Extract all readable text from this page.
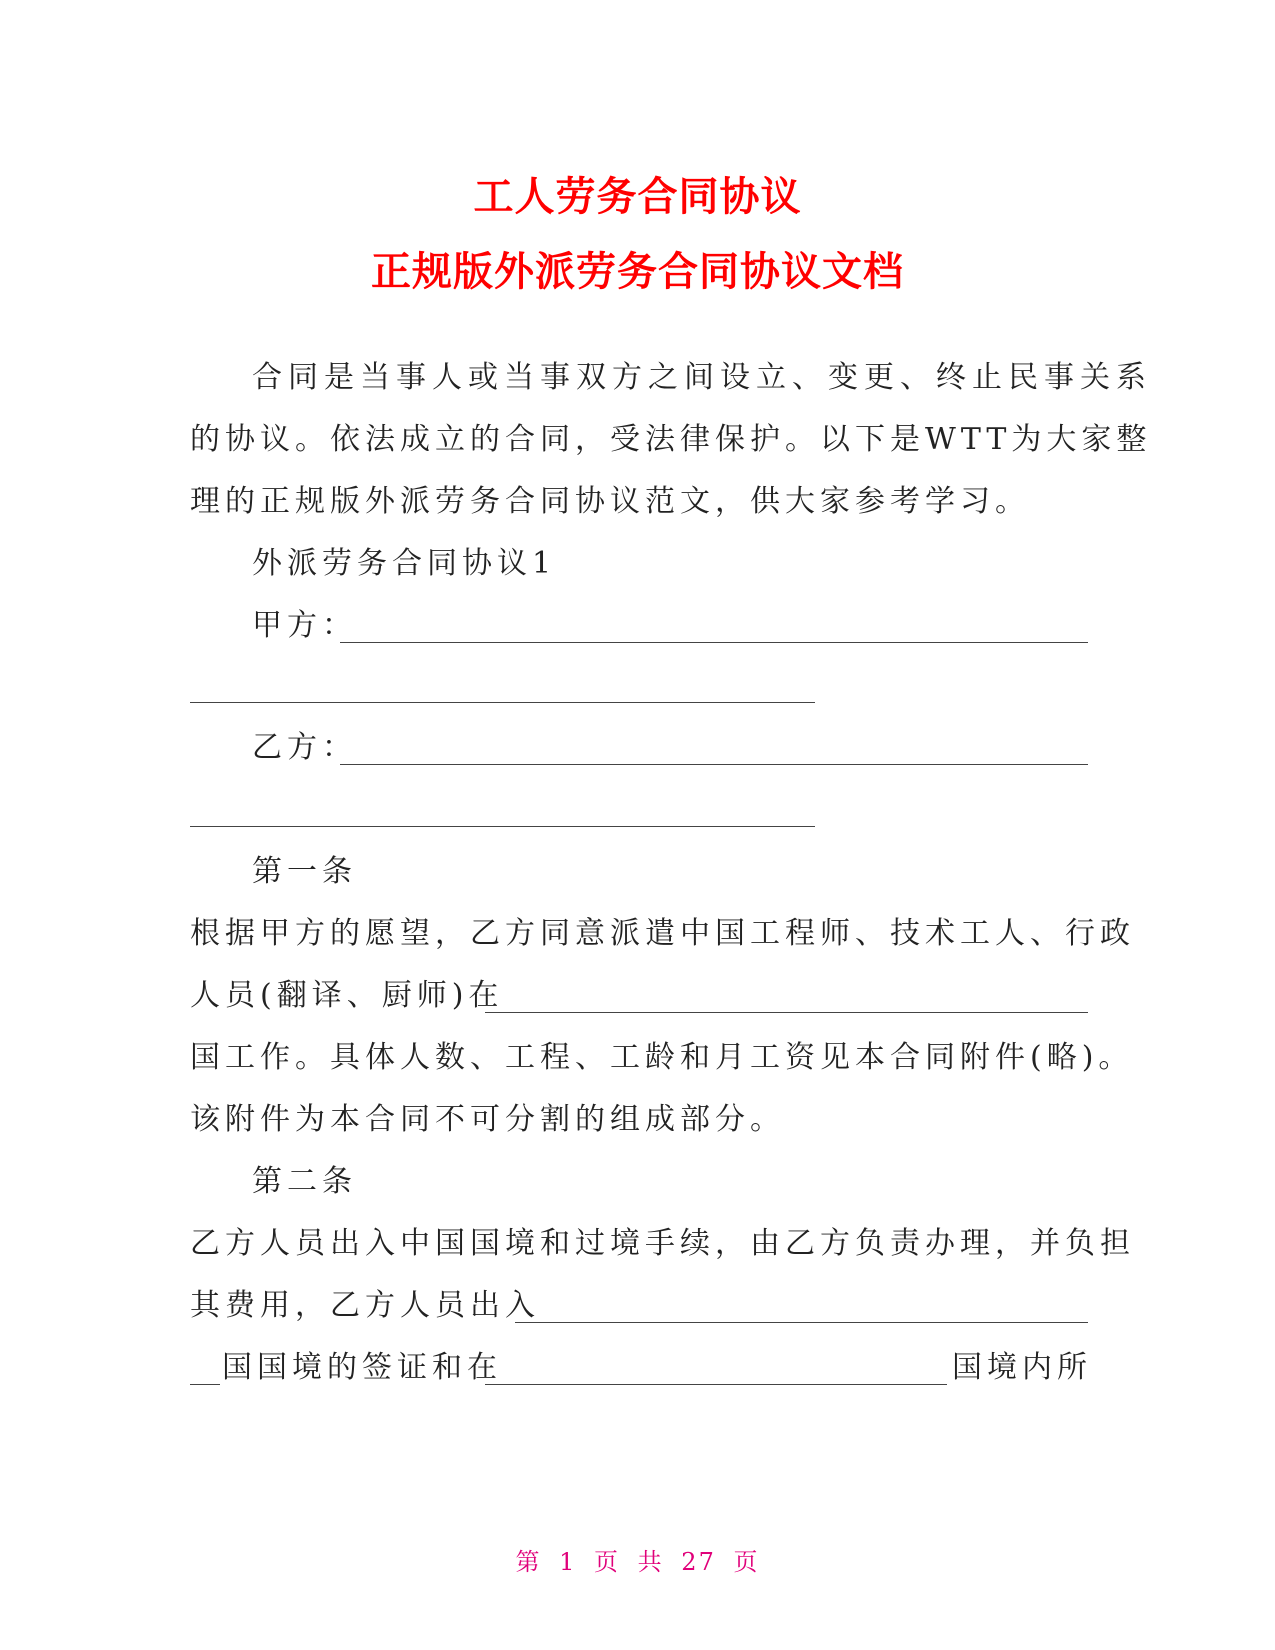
工人劳务合同协议
正规版外派劳务合同协议文档
合同是当事人或当事双方之间设立、变更、终止民事关系
的协议。依法成立的合同，受法律保护。以下是WTT为大家整
理的正规版外派劳务合同协议范文，供大家参考学习。
外派劳务合同协议1
甲方：
乙方：
第一条
根据甲方的愿望，乙方同意派遣中国工程师、技术工人、行政
人员(翻译、厨师)在
国工作。具体人数、工程、工龄和月工资见本合同附件(略)。
该附件为本合同不可分割的组成部分。
第二条
乙方人员出入中国国境和过境手续，由乙方负责办理，并负担
其费用，乙方人员出入
国国境的签证和在	国境内所
第 1 页 共 27 页
